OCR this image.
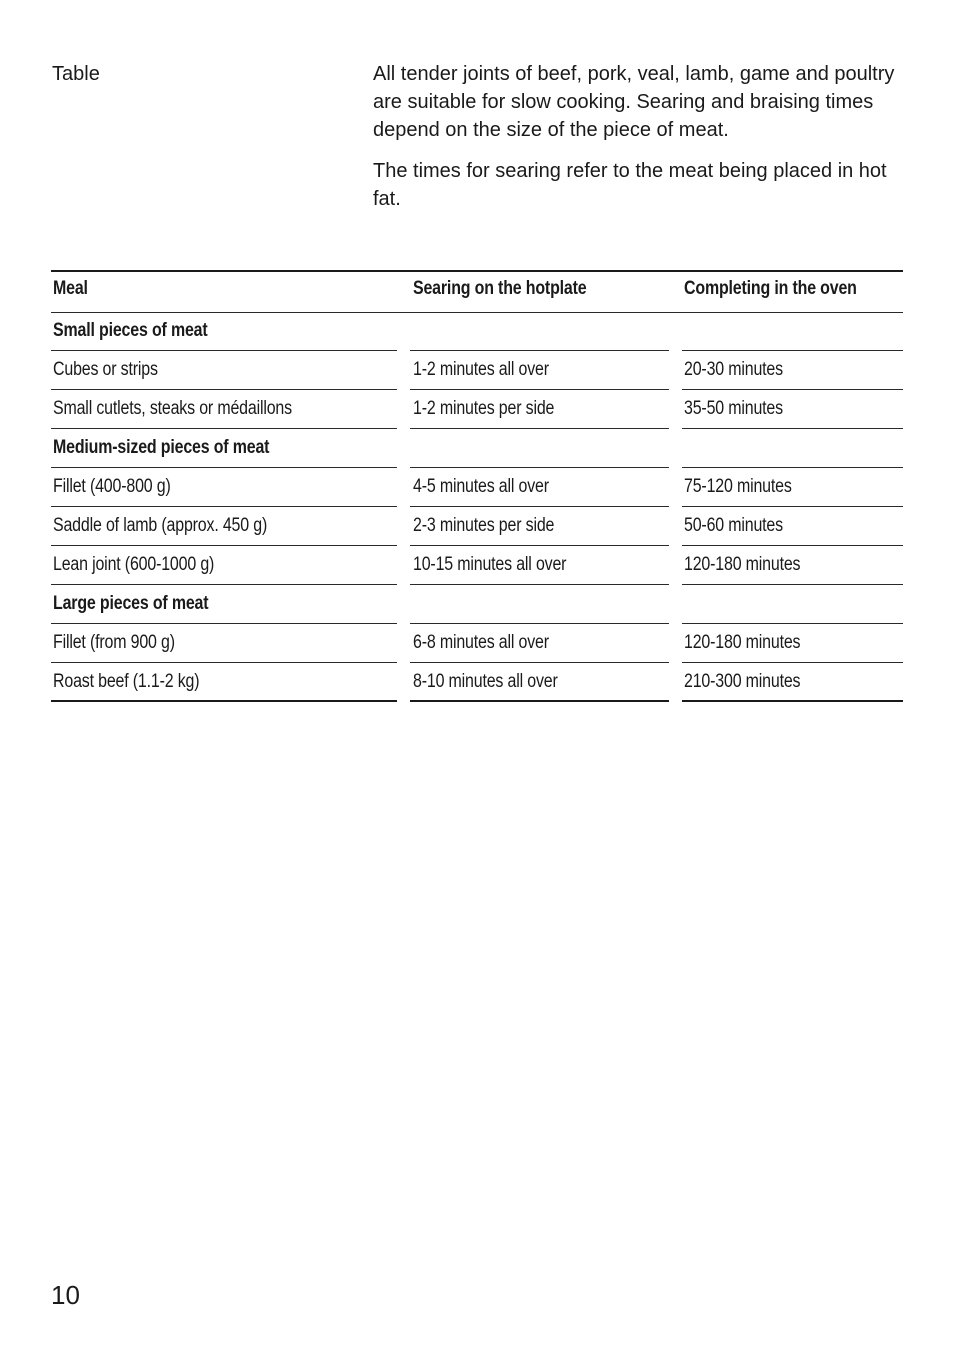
Table	All tender joints of beef, pork, veal, lamb, game and poultry are suitable for slow cooking. Searing and braising times depend on the size of the piece of meat.

The times for searing refer to the meat being placed in hot fat.

Meal	Searing on the hotplate	Completing in the oven
Small pieces of meat
Cubes or strips	1-2 minutes all over	20-30 minutes
Small cutlets, steaks or médaillons	1-2 minutes per side	35-50 minutes
Medium-sized pieces of meat
Fillet (400-800 g)	4-5 minutes all over	75-120 minutes
Saddle of lamb (approx. 450 g)	2-3 minutes per side	50-60 minutes
Lean joint (600-1000 g)	10-15 minutes all over	120-180 minutes
Large pieces of meat
Fillet (from 900 g)	6-8 minutes all over	120-180 minutes
Roast beef (1.1-2 kg)	8-10 minutes all over	210-300 minutes
10
